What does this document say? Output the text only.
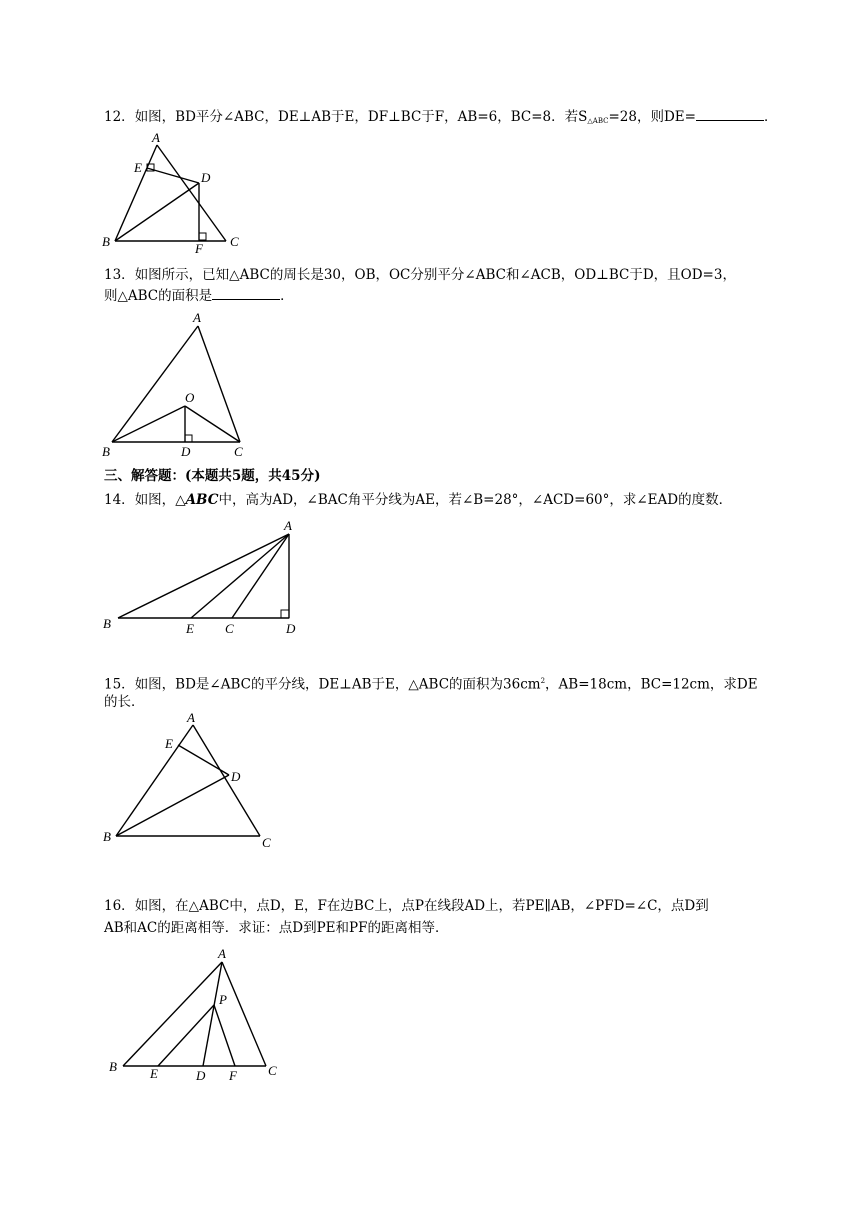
12．如图，BD平分∠ABC，DE⊥AB于E，DF⊥BC于F，AB=6，BC=8．若$S_{\triangle ABC}=28$，则DE=	．
A
B	C
D
E
F
A
B	C
D
O
A
B	E C	D
A
B	C
D
E
A
B	C
D
E	F
P
13．如图所示，已知△ABC的周长是30，OB，OC分别平分∠ABC和∠ACB，OD⊥BC于D，且OD=3，
则△ABC的面积是	．
三、解答题：(本题共5题，共45分)
14．如图，△ABC中，高为AD，∠BAC角平分线为AE，若∠B=28°，∠ACD=60°，求∠EAD的度数．
15．如图，BD是∠ABC的平分线，DE⊥AB于E，△ABC的面积为$36cm^2$，AB=18cm，BC=12cm，求DE
的长．
16．如图，在△ABC中，点D，E，F在边BC上，点P在线段AD上，若PE∥AB，∠PFD=∠C，点D到
AB和AC的距离相等．求证：点D到PE和PF的距离相等．
